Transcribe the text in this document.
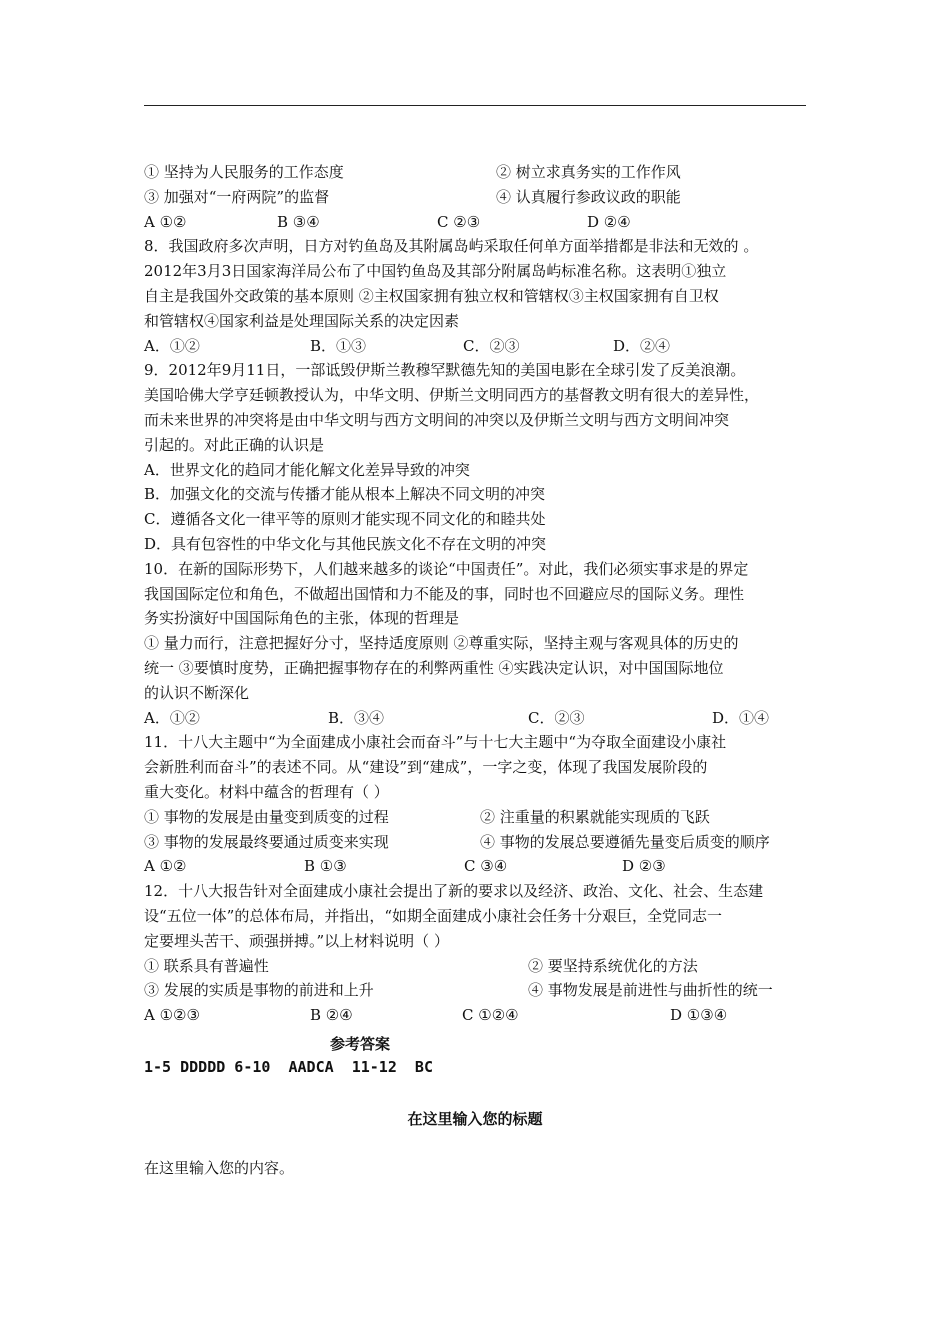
① 坚持为人民服务的工作态度	② 树立求真务实的工作作风
③ 加强对“一府两院”的监督	④ 认真履行参政议政的职能
A ①②	B ③④	C ②③	D ②④
8．我国政府多次声明，日方对钓鱼岛及其附属岛屿采取任何单方面举措都是非法和无效的 。
2012年3月3日国家海洋局公布了中国钓鱼岛及其部分附属岛屿标准名称。这表明①独立
自主是我国外交政策的基本原则 ②主权国家拥有独立权和管辖权③主权国家拥有自卫权
和管辖权④国家利益是处理国际关系的决定因素
A．①②	B．①③	C．②③	D．②④
9．2012年9月11日，一部诋毁伊斯兰教穆罕默德先知的美国电影在全球引发了反美浪潮。
美国哈佛大学亨廷顿教授认为，中华文明、伊斯兰文明同西方的基督教文明有很大的差异性，
而未来世界的冲突将是由中华文明与西方文明间的冲突以及伊斯兰文明与西方文明间冲突
引起的。对此正确的认识是
A．世界文化的趋同才能化解文化差异导致的冲突
B．加强文化的交流与传播才能从根本上解决不同文明的冲突
C．遵循各文化一律平等的原则才能实现不同文化的和睦共处
D．具有包容性的中华文化与其他民族文化不存在文明的冲突
10．在新的国际形势下，人们越来越多的谈论“中国责任”。对此，我们必须实事求是的界定
我国国际定位和角色，不做超出国情和力不能及的事，同时也不回避应尽的国际义务。理性
务实扮演好中国国际角色的主张，体现的哲理是
① 量力而行，注意把握好分寸，坚持适度原则 ②尊重实际，坚持主观与客观具体的历史的
统一 ③要慎时度势，正确把握事物存在的利弊两重性 ④实践决定认识，对中国国际地位
的认识不断深化
A．①②	B．③④	C．②③	D．①④
11．十八大主题中“为全面建成小康社会而奋斗”与十七大主题中“为夺取全面建设小康社
会新胜利而奋斗”的表述不同。从“建设”到“建成”，一字之变，体现了我国发展阶段的
重大变化。材料中蕴含的哲理有（ ）
① 事物的发展是由量变到质变的过程	② 注重量的积累就能实现质的飞跃
③ 事物的发展最终要通过质变来实现	④ 事物的发展总要遵循先量变后质变的顺序
A ①②	B ①③	C ③④	D ②③
12．十八大报告针对全面建成小康社会提出了新的要求以及经济、政治、文化、社会、生态建
设“五位一体”的总体布局，并指出，“如期全面建成小康社会任务十分艰巨，全党同志一
定要埋头苦干、顽强拼搏。”以上材料说明（ ）
① 联系具有普遍性	② 要坚持系统优化的方法
③ 发展的实质是事物的前进和上升	④ 事物发展是前进性与曲折性的统一
A ①②③	B ②④	C ①②④	D ①③④
参考答案
1-5 DDDDD 6-10  AADCA  11-12  BC
在这里输入您的标题
在这里输入您的内容。
